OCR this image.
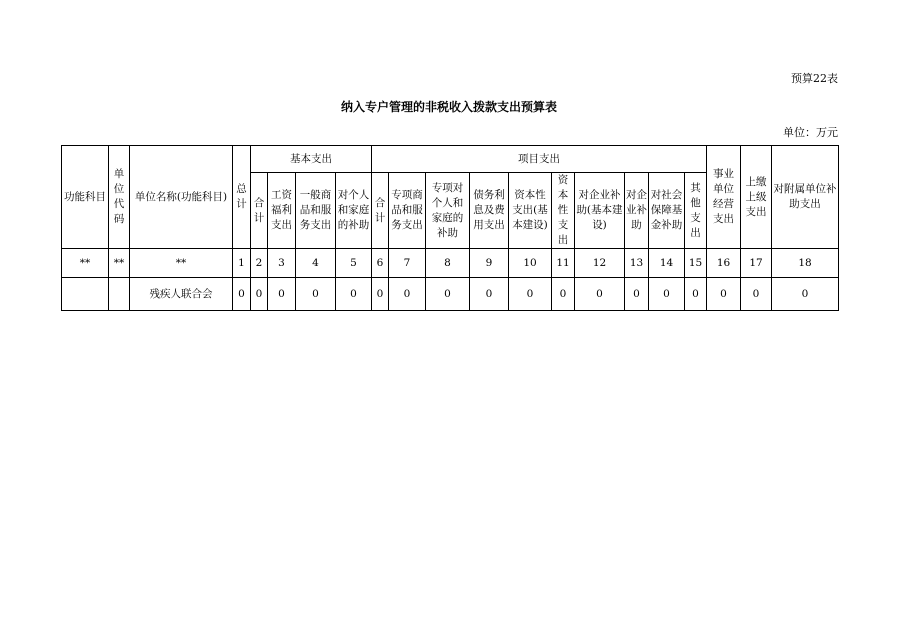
预算22表
纳入专户管理的非税收入拨款支出预算表
单位：万元
功能科目	单位代码	单位名称(功能科目)	总计	基本支出				项目支出										事业单位经营支出	上缴上级支出	对附属单位补助支出

				合计	工资福利支出	一般商品和服务支出	对个人和家庭的补助	合计	专项商品和服务支出	专项对个人和家庭的补助	债务利息及费用支出	资本性支出(基本建设)	资本性支出	对企业补助(基本建设)	对企业补助	对社会保障基金补助	其他支出			

**	**	**	1	2	3	4	5	6	7	8	9	10	11	12	13	14	15	16	17	18
		残疾人联合会	0	0	0	0	0	0	0	0	0	0	0	0	0	0	0	0	0	0
